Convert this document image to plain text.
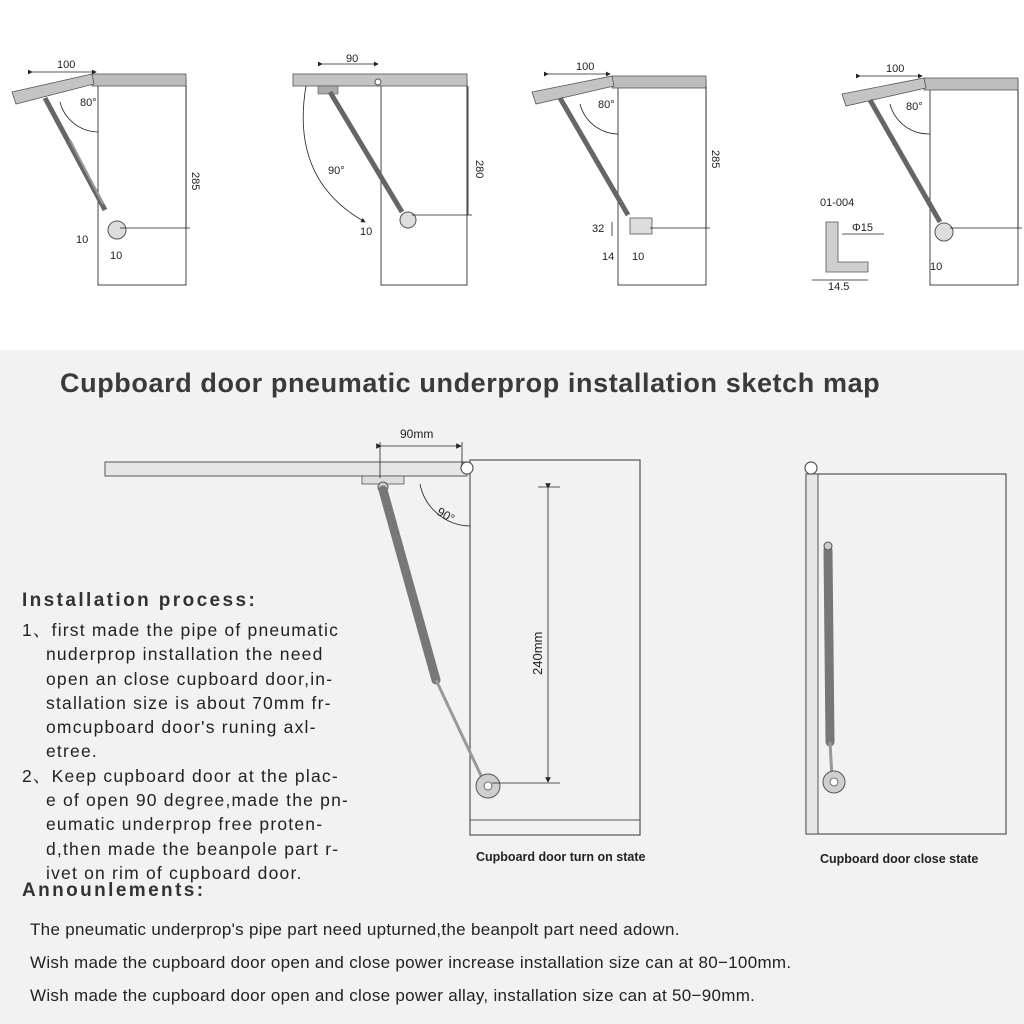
100
80°
285
10
10
90
90°	280
10
100
80°
285
32
14 10
100
80°
10
01-004
Φ15
14.5
90mm
90°
240mm
Cupboard door pneumatic underprop installation sketch map
Installation process:
1、first made the pipe of pneumatic
nuderprop installation the need
open an close cupboard door,in-
stallation size is about 70mm fr-
omcupboard door's runing axl-
etree.
2、Keep cupboard door at the plac-
e of open 90 degree,made the pn-
eumatic underprop free proten-
d,then made the beanpole part r-
ivet on rim of cupboard door.
Cupboard door turn on state	Cupboard door close state
Announlements:
The pneumatic underprop's pipe part need upturned,the beanpolt part need adown.
Wish made the cupboard door open and close power increase installation size can at 80−100mm.
Wish made the cupboard door open and close power allay, installation size can at 50−90mm.
